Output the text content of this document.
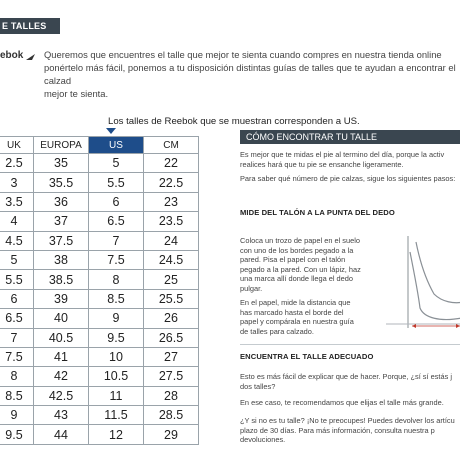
E TALLES
ebok	Queremos que encuentres el talle que mejor te sienta cuando compres en nuestra tienda online
ponértelo más fácil, ponemos a tu disposición distintas guías de talles que te ayudan a encontrar el calzad
mejor te sienta.

Los talles de Reebok que se muestran corresponden a US.
UK	EUROPA	US	CM
2.5	35	5	22
3	35.5	5.5	22.5
3.5	36	6	23
4	37	6.5	23.5
4.5	37.5	7	24
5	38	7.5	24.5
5.5	38.5	8	25
6	39	8.5	25.5
6.5	40	9	26
7	40.5	9.5	26.5
7.5	41	10	27
8	42	10.5	27.5
8.5	42.5	11	28
9	43	11.5	28.5
9.5	44	12	29
CÓMO ENCONTRAR TU TALLE

Es mejor que te midas el pie al termino del día, porque la activ
realices hará que tu pie se ensanche ligeramente.

Para saber qué número de pie calzas, sigue los siguientes pasos:

MIDE DEL TALÓN A LA PUNTA DEL DEDO

Coloca un trozo de papel en el suelo
con uno de los bordes pegado a la
pared. Pisa el papel con el talón
pegado a la pared. Con un lápiz, haz
una marca allí donde llega el dedo
pulgar.

En el papel, mide la distancia que
has marcado hasta el borde del
papel y compárala en nuestra guía
de talles para calzado.

ENCUENTRA EL TALLE ADECUADO

Esto es más fácil de explicar que de hacer. Porque, ¿sí sí estás j
dos talles?

En ese caso, te recomendamos que elijas el talle más grande.

¿Y si no es tu talle? ¡No te preocupes! Puedes devolver los artícu
plazo de 30 días. Para más información, consulta nuestra p
devoluciones.
